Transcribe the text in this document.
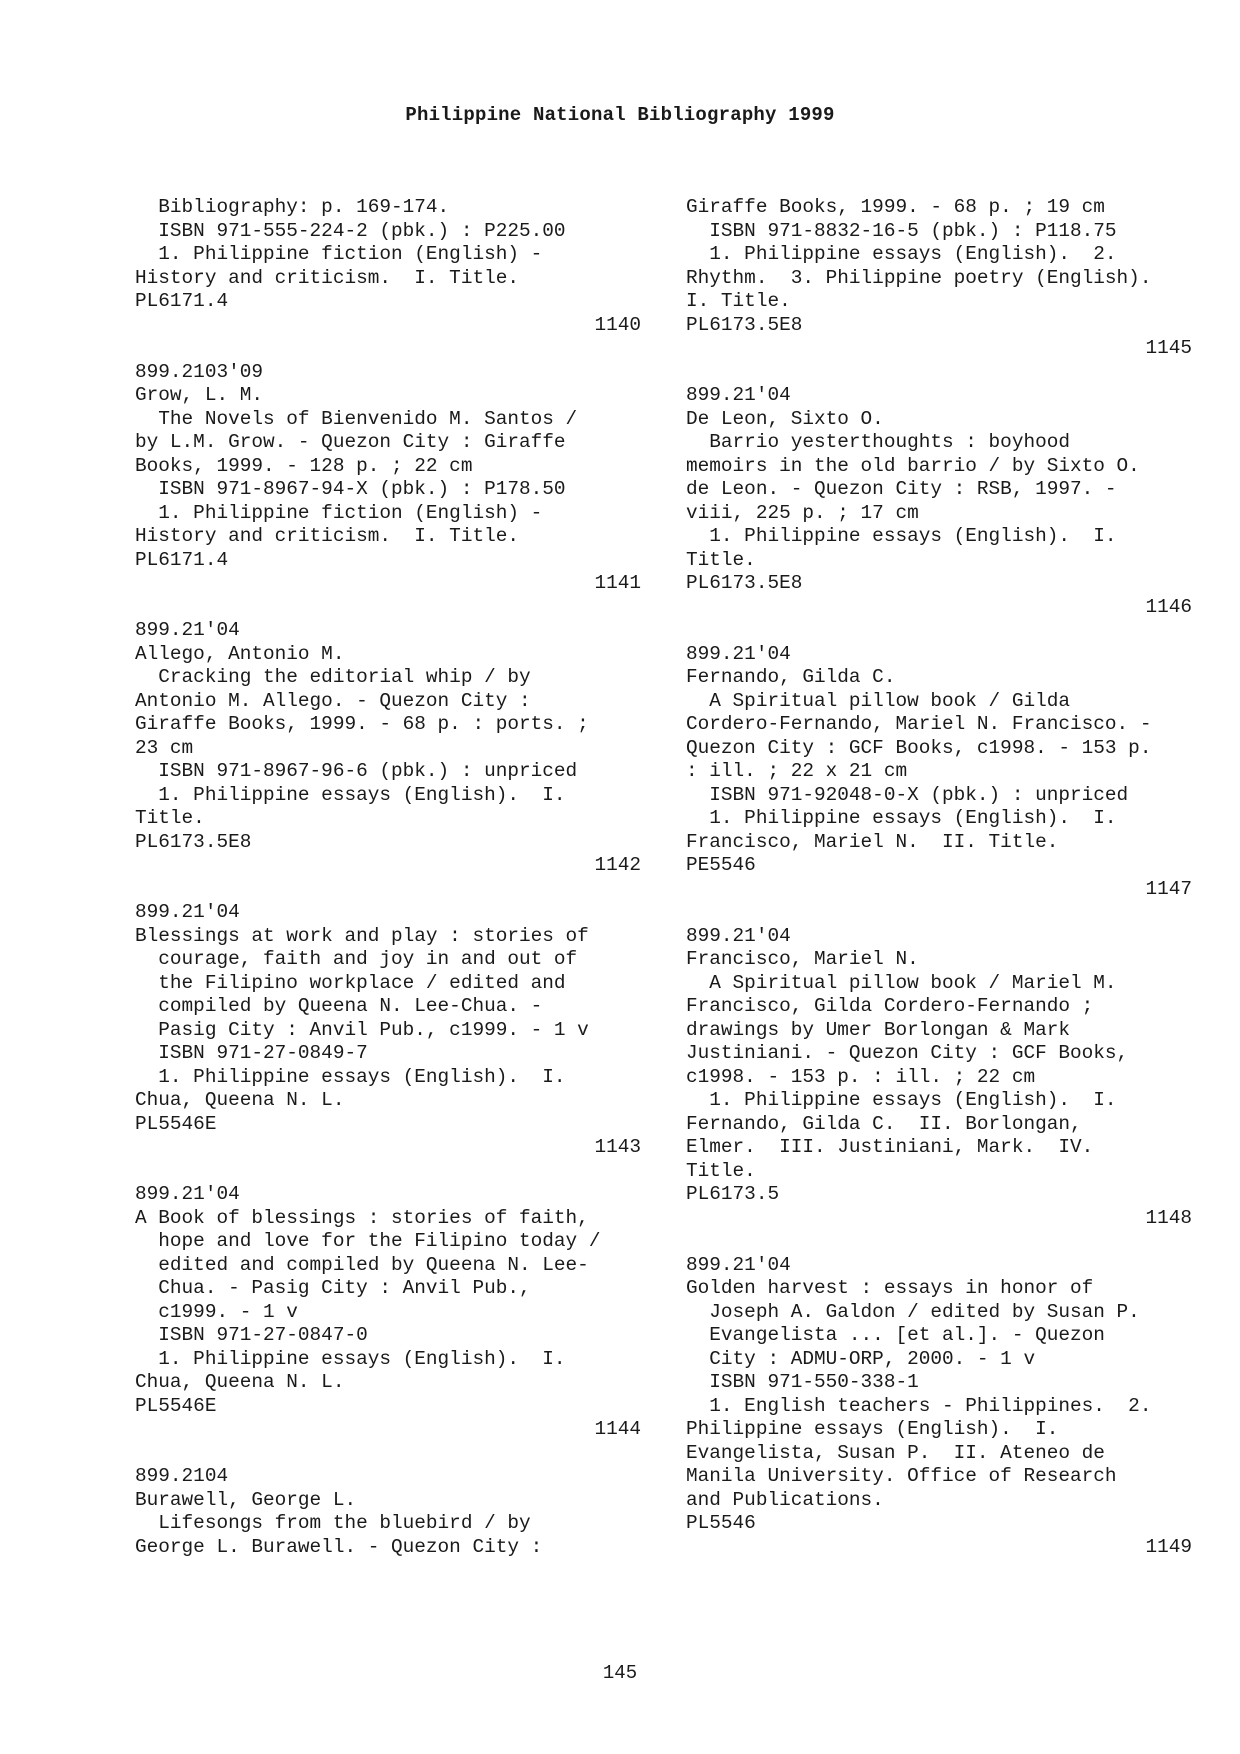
Philippine National Bibliography 1999
Bibliography: p. 169-174.
ISBN 971-555-224-2 (pbk.) : P225.00
1. Philippine fiction (English) -
History and criticism.  I. Title.
PL6171.4
1140
899.2103'09
Grow, L. M.
The Novels of Bienvenido M. Santos /
by L.M. Grow. - Quezon City : Giraffe
Books, 1999. - 128 p. ; 22 cm
ISBN 971-8967-94-X (pbk.) : P178.50
1. Philippine fiction (English) -
History and criticism.  I. Title.
PL6171.4
1141
899.21'04
Allego, Antonio M.
Cracking the editorial whip / by
Antonio M. Allego. - Quezon City :
Giraffe Books, 1999. - 68 p. : ports. ;
23 cm
ISBN 971-8967-96-6 (pbk.) : unpriced
1. Philippine essays (English).  I.
Title.
PL6173.5E8
1142
899.21'04
Blessings at work and play : stories of
courage, faith and joy in and out of
the Filipino workplace / edited and
compiled by Queena N. Lee-Chua. -
Pasig City : Anvil Pub., c1999. - 1 v
ISBN 971-27-0849-7
1. Philippine essays (English).  I.
Chua, Queena N. L.
PL5546E
1143
899.21'04
A Book of blessings : stories of faith,
hope and love for the Filipino today /
edited and compiled by Queena N. Lee-
Chua. - Pasig City : Anvil Pub.,
c1999. - 1 v
ISBN 971-27-0847-0
1. Philippine essays (English).  I.
Chua, Queena N. L.
PL5546E
1144
899.2104
Burawell, George L.
Lifesongs from the bluebird / by
George L. Burawell. - Quezon City :
Giraffe Books, 1999. - 68 p. ; 19 cm
ISBN 971-8832-16-5 (pbk.) : P118.75
1. Philippine essays (English).  2.
Rhythm.  3. Philippine poetry (English).
I. Title.
PL6173.5E8
1145
899.21'04
De Leon, Sixto O.
Barrio yesterthoughts : boyhood
memoirs in the old barrio / by Sixto O.
de Leon. - Quezon City : RSB, 1997. -
viii, 225 p. ; 17 cm
1. Philippine essays (English).  I.
Title.
PL6173.5E8
1146
899.21'04
Fernando, Gilda C.
A Spiritual pillow book / Gilda
Cordero-Fernando, Mariel N. Francisco. -
Quezon City : GCF Books, c1998. - 153 p.
: ill. ; 22 x 21 cm
ISBN 971-92048-0-X (pbk.) : unpriced
1. Philippine essays (English).  I.
Francisco, Mariel N.  II. Title.
PE5546
1147
899.21'04
Francisco, Mariel N.
A Spiritual pillow book / Mariel M.
Francisco, Gilda Cordero-Fernando ;
drawings by Umer Borlongan & Mark
Justiniani. - Quezon City : GCF Books,
c1998. - 153 p. : ill. ; 22 cm
1. Philippine essays (English).  I.
Fernando, Gilda C.  II. Borlongan,
Elmer.  III. Justiniani, Mark.  IV.
Title.
PL6173.5
1148
899.21'04
Golden harvest : essays in honor of
Joseph A. Galdon / edited by Susan P.
Evangelista ... [et al.]. - Quezon
City : ADMU-ORP, 2000. - 1 v
ISBN 971-550-338-1
1. English teachers - Philippines.  2.
Philippine essays (English).  I.
Evangelista, Susan P.  II. Ateneo de
Manila University. Office of Research
and Publications.
PL5546
1149
145
